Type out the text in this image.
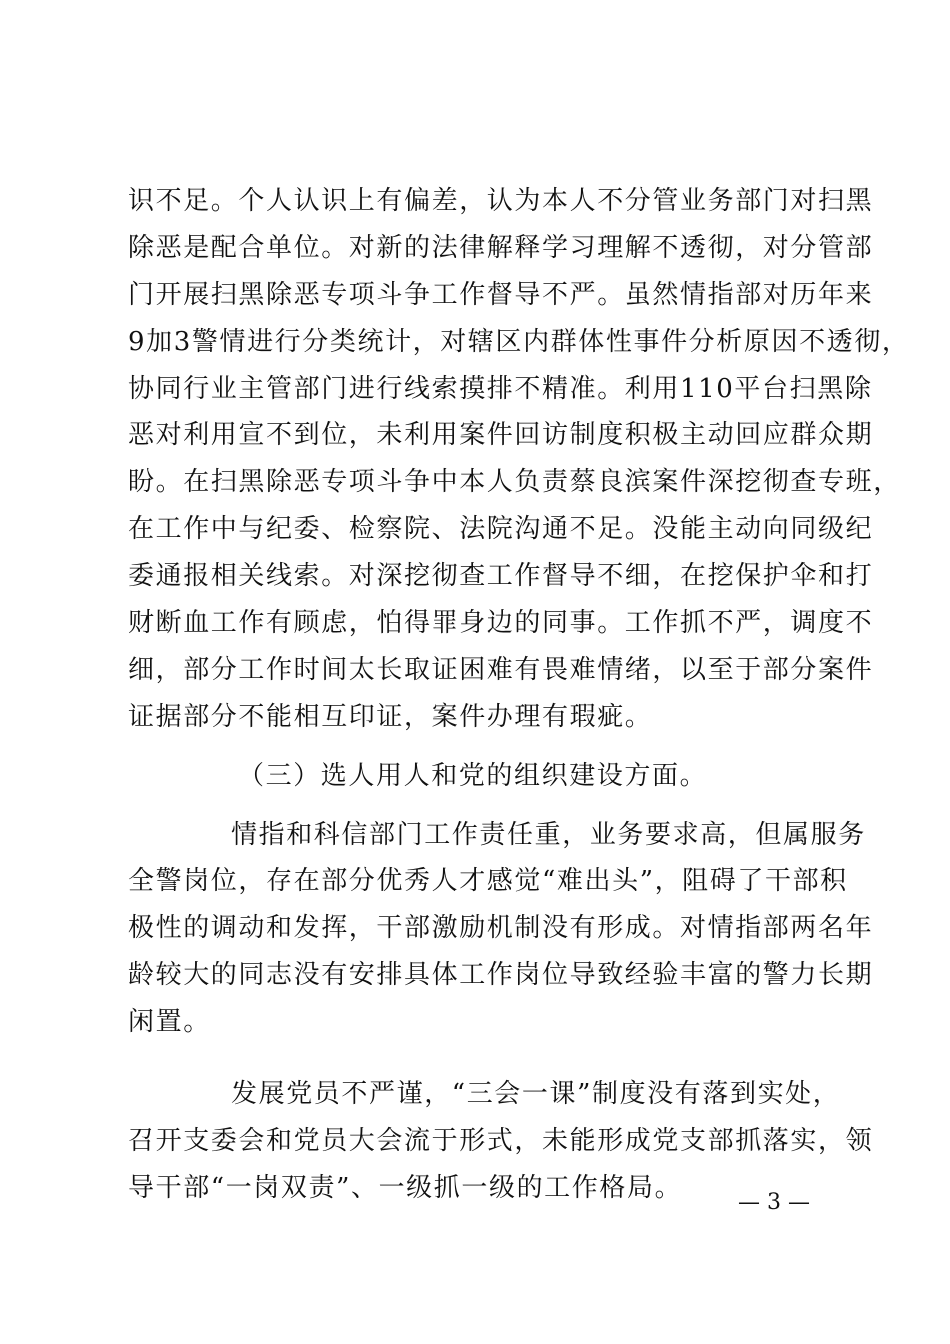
识不足。个人认识上有偏差，认为本人不分管业务部门对扫黑
除恶是配合单位。对新的法律解释学习理解不透彻，对分管部
门开展扫黑除恶专项斗争工作督导不严。虽然情指部对历年来
9加3警情进行分类统计，对辖区内群体性事件分析原因不透彻，
协同行业主管部门进行线索摸排不精准。利用110平台扫黑除
恶对利用宣不到位，未利用案件回访制度积极主动回应群众期
盼。在扫黑除恶专项斗争中本人负责蔡良滨案件深挖彻查专班，
在工作中与纪委、检察院、法院沟通不足。没能主动向同级纪
委通报相关线索。对深挖彻查工作督导不细，在挖保护伞和打
财断血工作有顾虑，怕得罪身边的同事。工作抓不严，调度不
细，部分工作时间太长取证困难有畏难情绪，以至于部分案件
证据部分不能相互印证，案件办理有瑕疵。
（三）选人用人和党的组织建设方面。
情指和科信部门工作责任重，业务要求高，但属服务
全警岗位，存在部分优秀人才感觉“难出头”，阻碍了干部积
极性的调动和发挥，干部激励机制没有形成。对情指部两名年
龄较大的同志没有安排具体工作岗位导致经验丰富的警力长期
闲置。
发展党员不严谨，“三会一课”制度没有落到实处，
召开支委会和党员大会流于形式，未能形成党支部抓落实，领
导干部“一岗双责”、一级抓一级的工作格局。	— 3 —
